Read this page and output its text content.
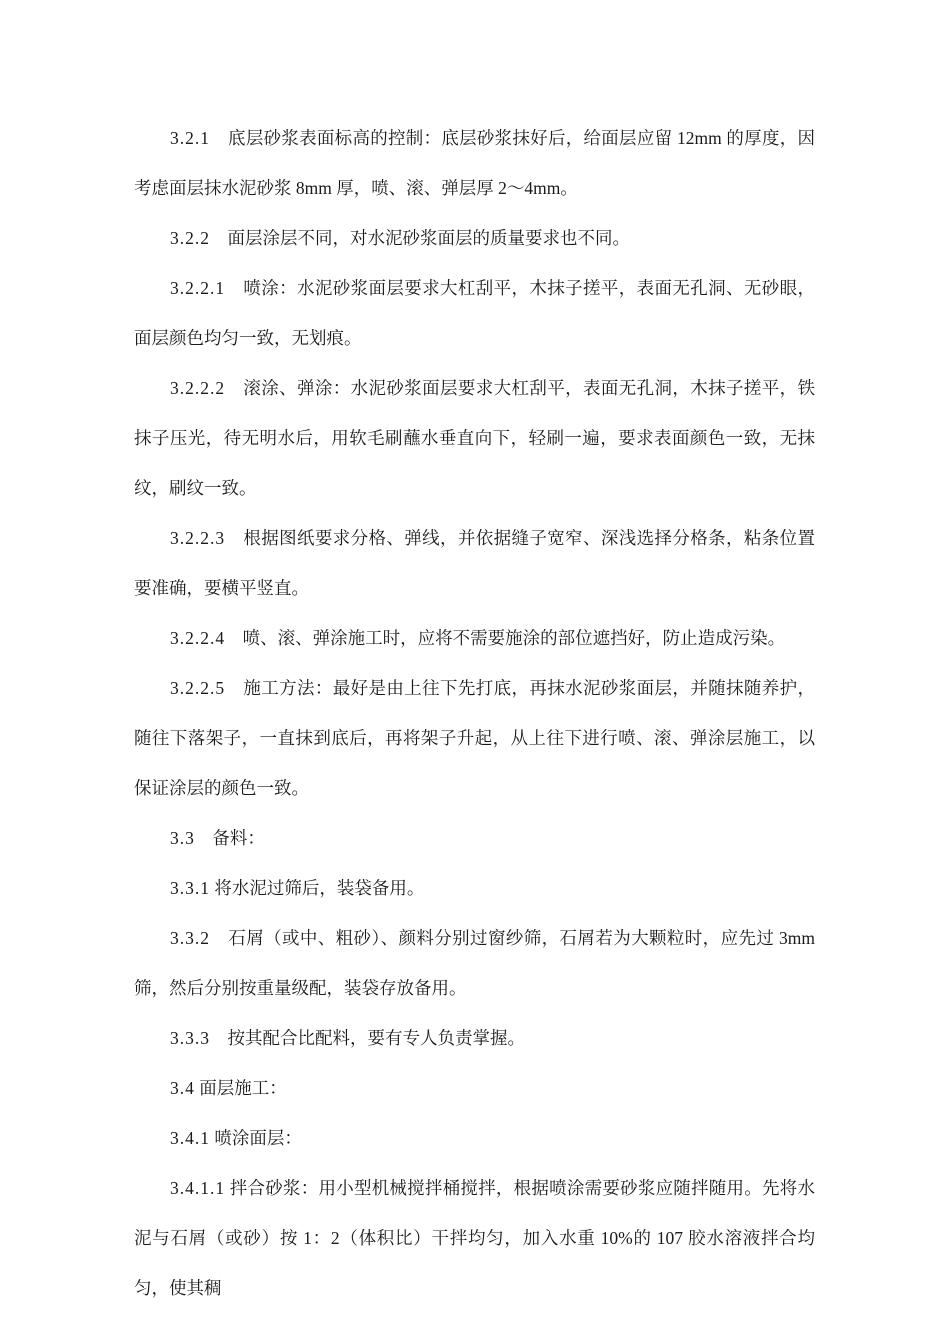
3.2.1　 底层砂浆表面标高的控制：底层砂浆抹好后，给面层应留 12mm 的厚度，因考虑面层抹水泥砂浆 8mm 厚，喷、滚、弹层厚 2～4mm。

3.2.2　 面层涂层不同，对水泥砂浆面层的质量要求也不同。

3.2.2.1　 喷涂：水泥砂浆面层要求大杠刮平，木抹子搓平，表面无孔洞、无砂眼，面层颜色均匀一致，无划痕。

3.2.2.2　 滚涂、弹涂：水泥砂浆面层要求大杠刮平，表面无孔洞，木抹子搓平，铁抹子压光，待无明水后，用软毛刷蘸水垂直向下，轻刷一遍，要求表面颜色一致，无抹纹，刷纹一致。

3.2.2.3　 根据图纸要求分格、弹线，并依据缝子宽窄、深浅选择分格条，粘条位置要准确，要横平竖直。

3.2.2.4　 喷、滚、弹涂施工时，应将不需要施涂的部位遮挡好，防止造成污染。

3.2.2.5　 施工方法：最好是由上往下先打底，再抹水泥砂浆面层，并随抹随养护，随往下落架子，一直抹到底后，再将架子升起，从上往下进行喷、滚、弹涂层施工，以保证涂层的颜色一致。

3.3　 备料：

3.3.1 将水泥过筛后，装袋备用。

3.3.2　 石屑（或中、粗砂）、颜料分别过窗纱筛，石屑若为大颗粒时，应先过 3mm 筛，然后分别按重量级配，装袋存放备用。

3.3.3　 按其配合比配料，要有专人负责掌握。

3.4 面层施工：

3.4.1 喷涂面层：

3.4.1.1 拌合砂浆：用小型机械搅拌桶搅拌，根据喷涂需要砂浆应随拌随用。先将水泥与石屑（或砂）按 1：2（体积比）干拌均匀，加入水重 10%的 107 胶水溶液拌合均匀，使其稠
